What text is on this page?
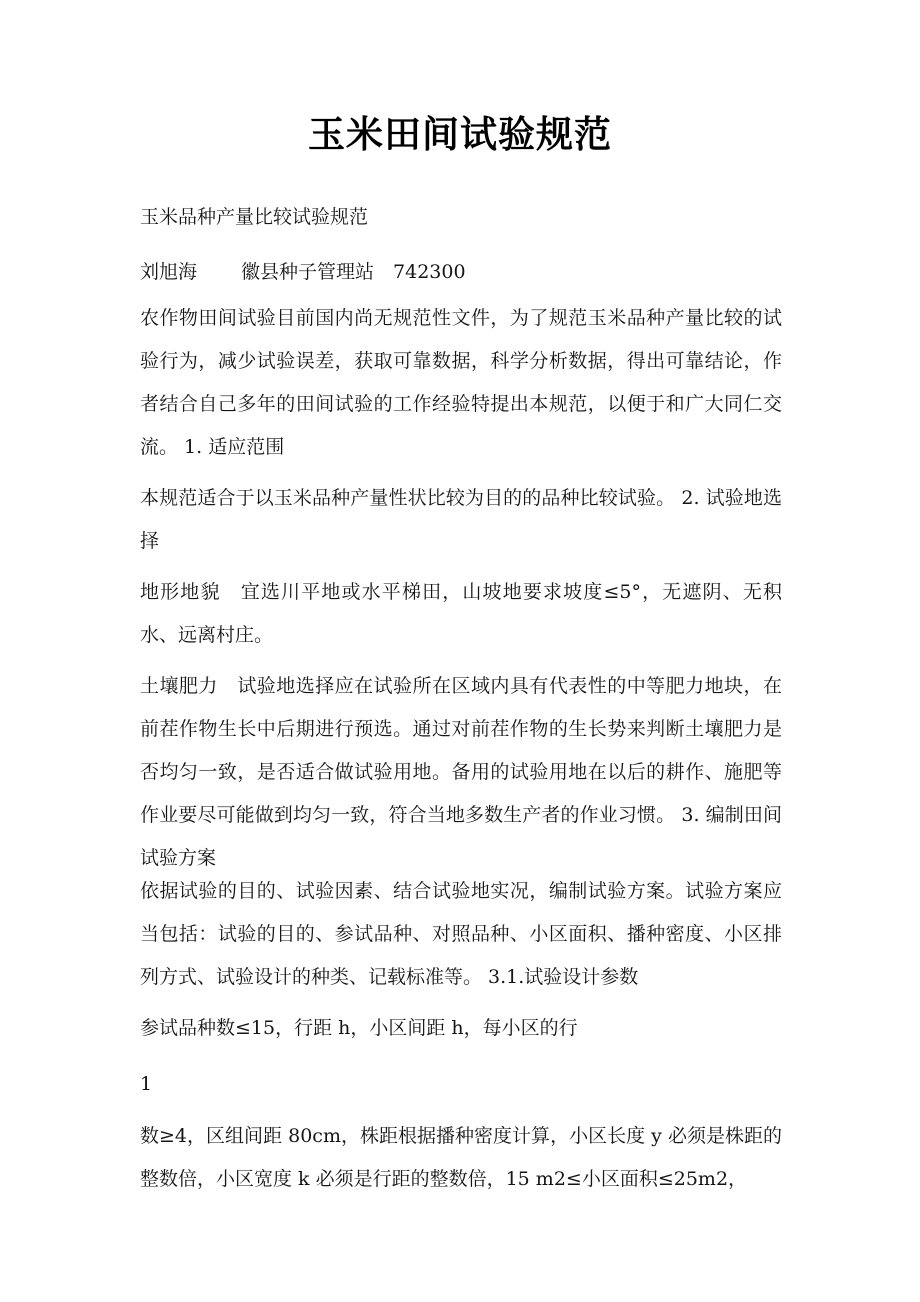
玉米田间试验规范

玉米品种产量比较试验规范

刘旭海　　 徽县种子管理站　742300

农作物田间试验目前国内尚无规范性文件，为了规范玉米品种产量比较的试验行为，减少试验误差，获取可靠数据，科学分析数据，得出可靠结论，作者结合自己多年的田间试验的工作经验特提出本规范，以便于和广大同仁交流。 1. 适应范围

本规范适合于以玉米品种产量性状比较为目的的品种比较试验。 2. 试验地选择

地形地貌　宜选川平地或水平梯田，山坡地要求坡度≤5°，无遮阴、无积水、远离村庄。

土壤肥力　试验地选择应在试验所在区域内具有代表性的中等肥力地块，在前茬作物生长中后期进行预选。通过对前茬作物的生长势来判断土壤肥力是否均匀一致，是否适合做试验用地。备用的试验用地在以后的耕作、施肥等作业要尽可能做到均匀一致，符合当地多数生产者的作业习惯。 3. 编制田间试验方案

依据试验的目的、试验因素、结合试验地实况，编制试验方案。试验方案应当包括：试验的目的、参试品种、对照品种、小区面积、播种密度、小区排列方式、试验设计的种类、记载标准等。 3.1.试验设计参数

参试品种数≤15，行距 h，小区间距 h，每小区的行

1

数≥4，区组间距 80cm，株距根据播种密度计算，小区长度 y 必须是株距的整数倍，小区宽度 k 必须是行距的整数倍，15 m2≤小区面积≤25m2，
